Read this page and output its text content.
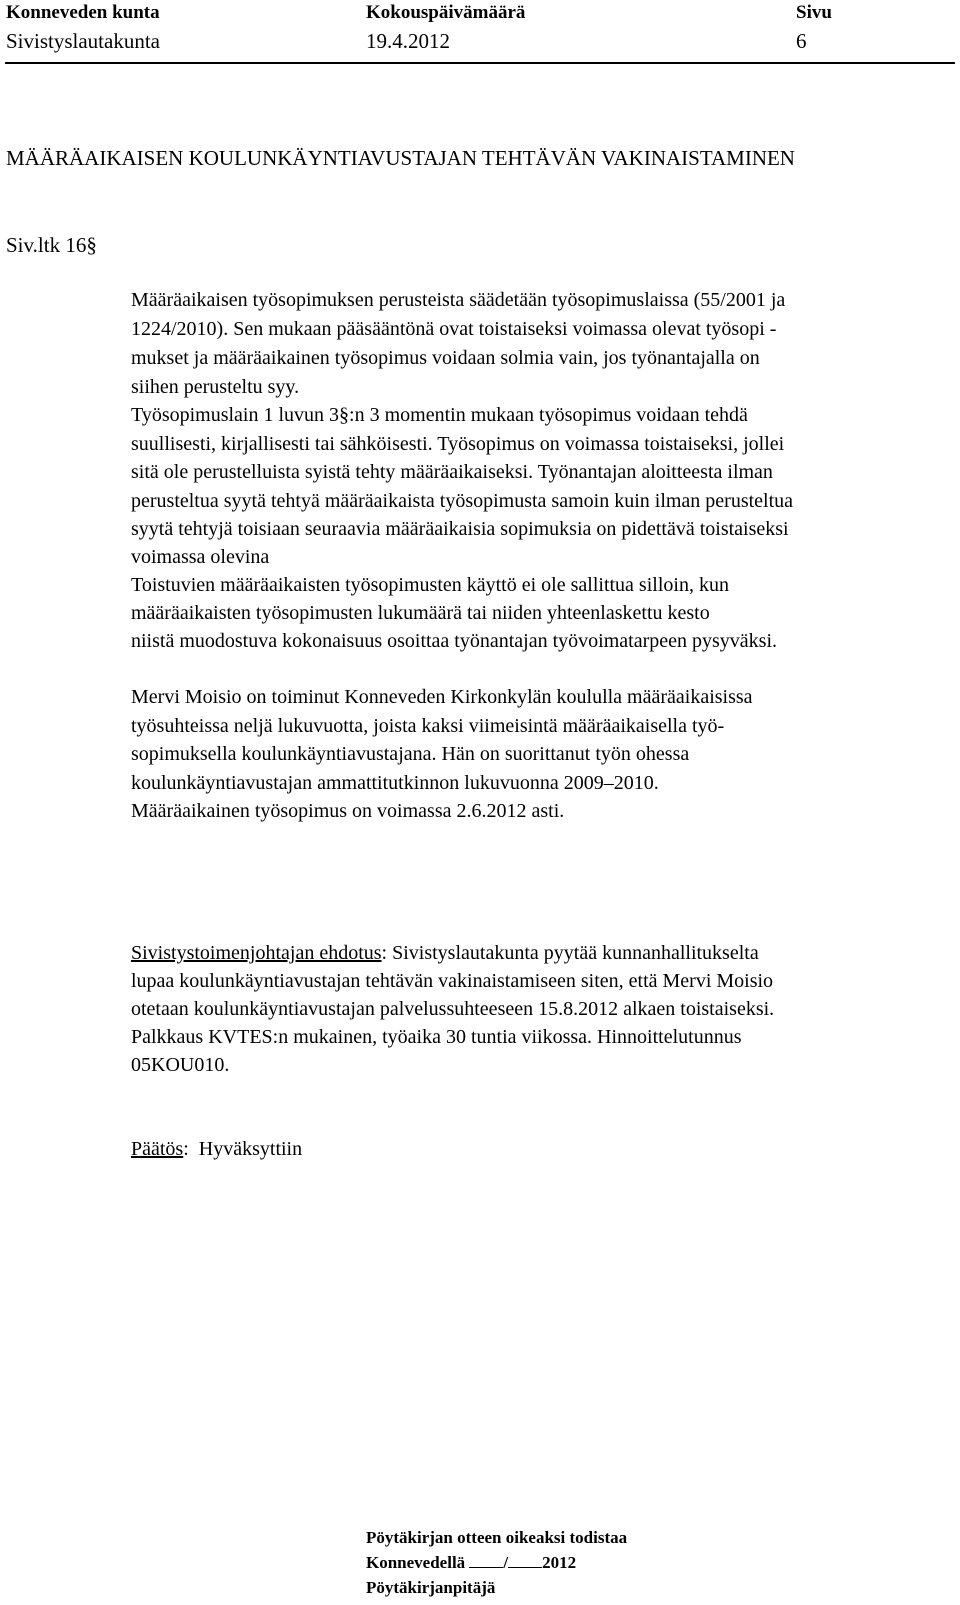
Konneveden kunta
Sivistyslautakunta
Kokouspäivämäärä
19.4.2012
Sivu
6
MÄÄRÄAIKAISEN KOULUNKÄYNTIAVUSTAJAN TEHTÄVÄN VAKINAISTAMINEN
Siv.ltk 16§
Määräaikaisen työsopimuksen perusteista säädetään työsopimuslaissa (55/2001 ja
1224/2010). Sen mukaan pääsääntönä ovat toistaiseksi voimassa olevat työsopi -
mukset ja määräaikainen työsopimus voidaan solmia vain, jos työnantajalla on
siihen perusteltu syy.
Työsopimuslain 1 luvun 3§:n 3 momentin mukaan työsopimus voidaan tehdä
suullisesti, kirjallisesti tai sähköisesti. Työsopimus on voimassa toistaiseksi, jollei
sitä ole perustelluista syistä tehty määräaikaiseksi. Työnantajan aloitteesta ilman
perusteltua syytä tehtyä määräaikaista työsopimusta samoin kuin ilman perusteltua
syytä tehtyjä toisiaan seuraavia määräaikaisia sopimuksia on pidettävä toistaiseksi
voimassa olevina
Toistuvien määräaikaisten työsopimusten käyttö ei ole sallittua silloin, kun
määräaikaisten työsopimusten lukumäärä tai niiden yhteenlaskettu kesto
niistä muodostuva kokonaisuus osoittaa työnantajan työvoimatarpeen pysyväksi.
Mervi Moisio on toiminut Konneveden Kirkonkylän koululla määräaikaisissa
työsuhteissa neljä lukuvuotta, joista kaksi viimeisintä määräaikaisella työ-
sopimuksella koulunkäyntiavustajana. Hän on suorittanut työn ohessa
koulunkäyntiavustajan ammattitutkinnon lukuvuonna 2009–2010.
Määräaikainen työsopimus on voimassa 2.6.2012 asti.
Sivistystoimenjohtajan ehdotus: Sivistyslautakunta pyytää kunnanhallitukselta
lupaa koulunkäyntiavustajan tehtävän vakinaistamiseen siten, että Mervi Moisio
otetaan koulunkäyntiavustajan palvelussuhteeseen 15.8.2012 alkaen toistaiseksi.
Palkkaus KVTES:n mukainen, työaika 30 tuntia viikossa. Hinnoittelutunnus
05KOU010.
Päätös: Hyväksyttiin
Pöytäkirjan otteen oikeaksi todistaa
Konnevedellä / 2012
Pöytäkirjanpitäjä
